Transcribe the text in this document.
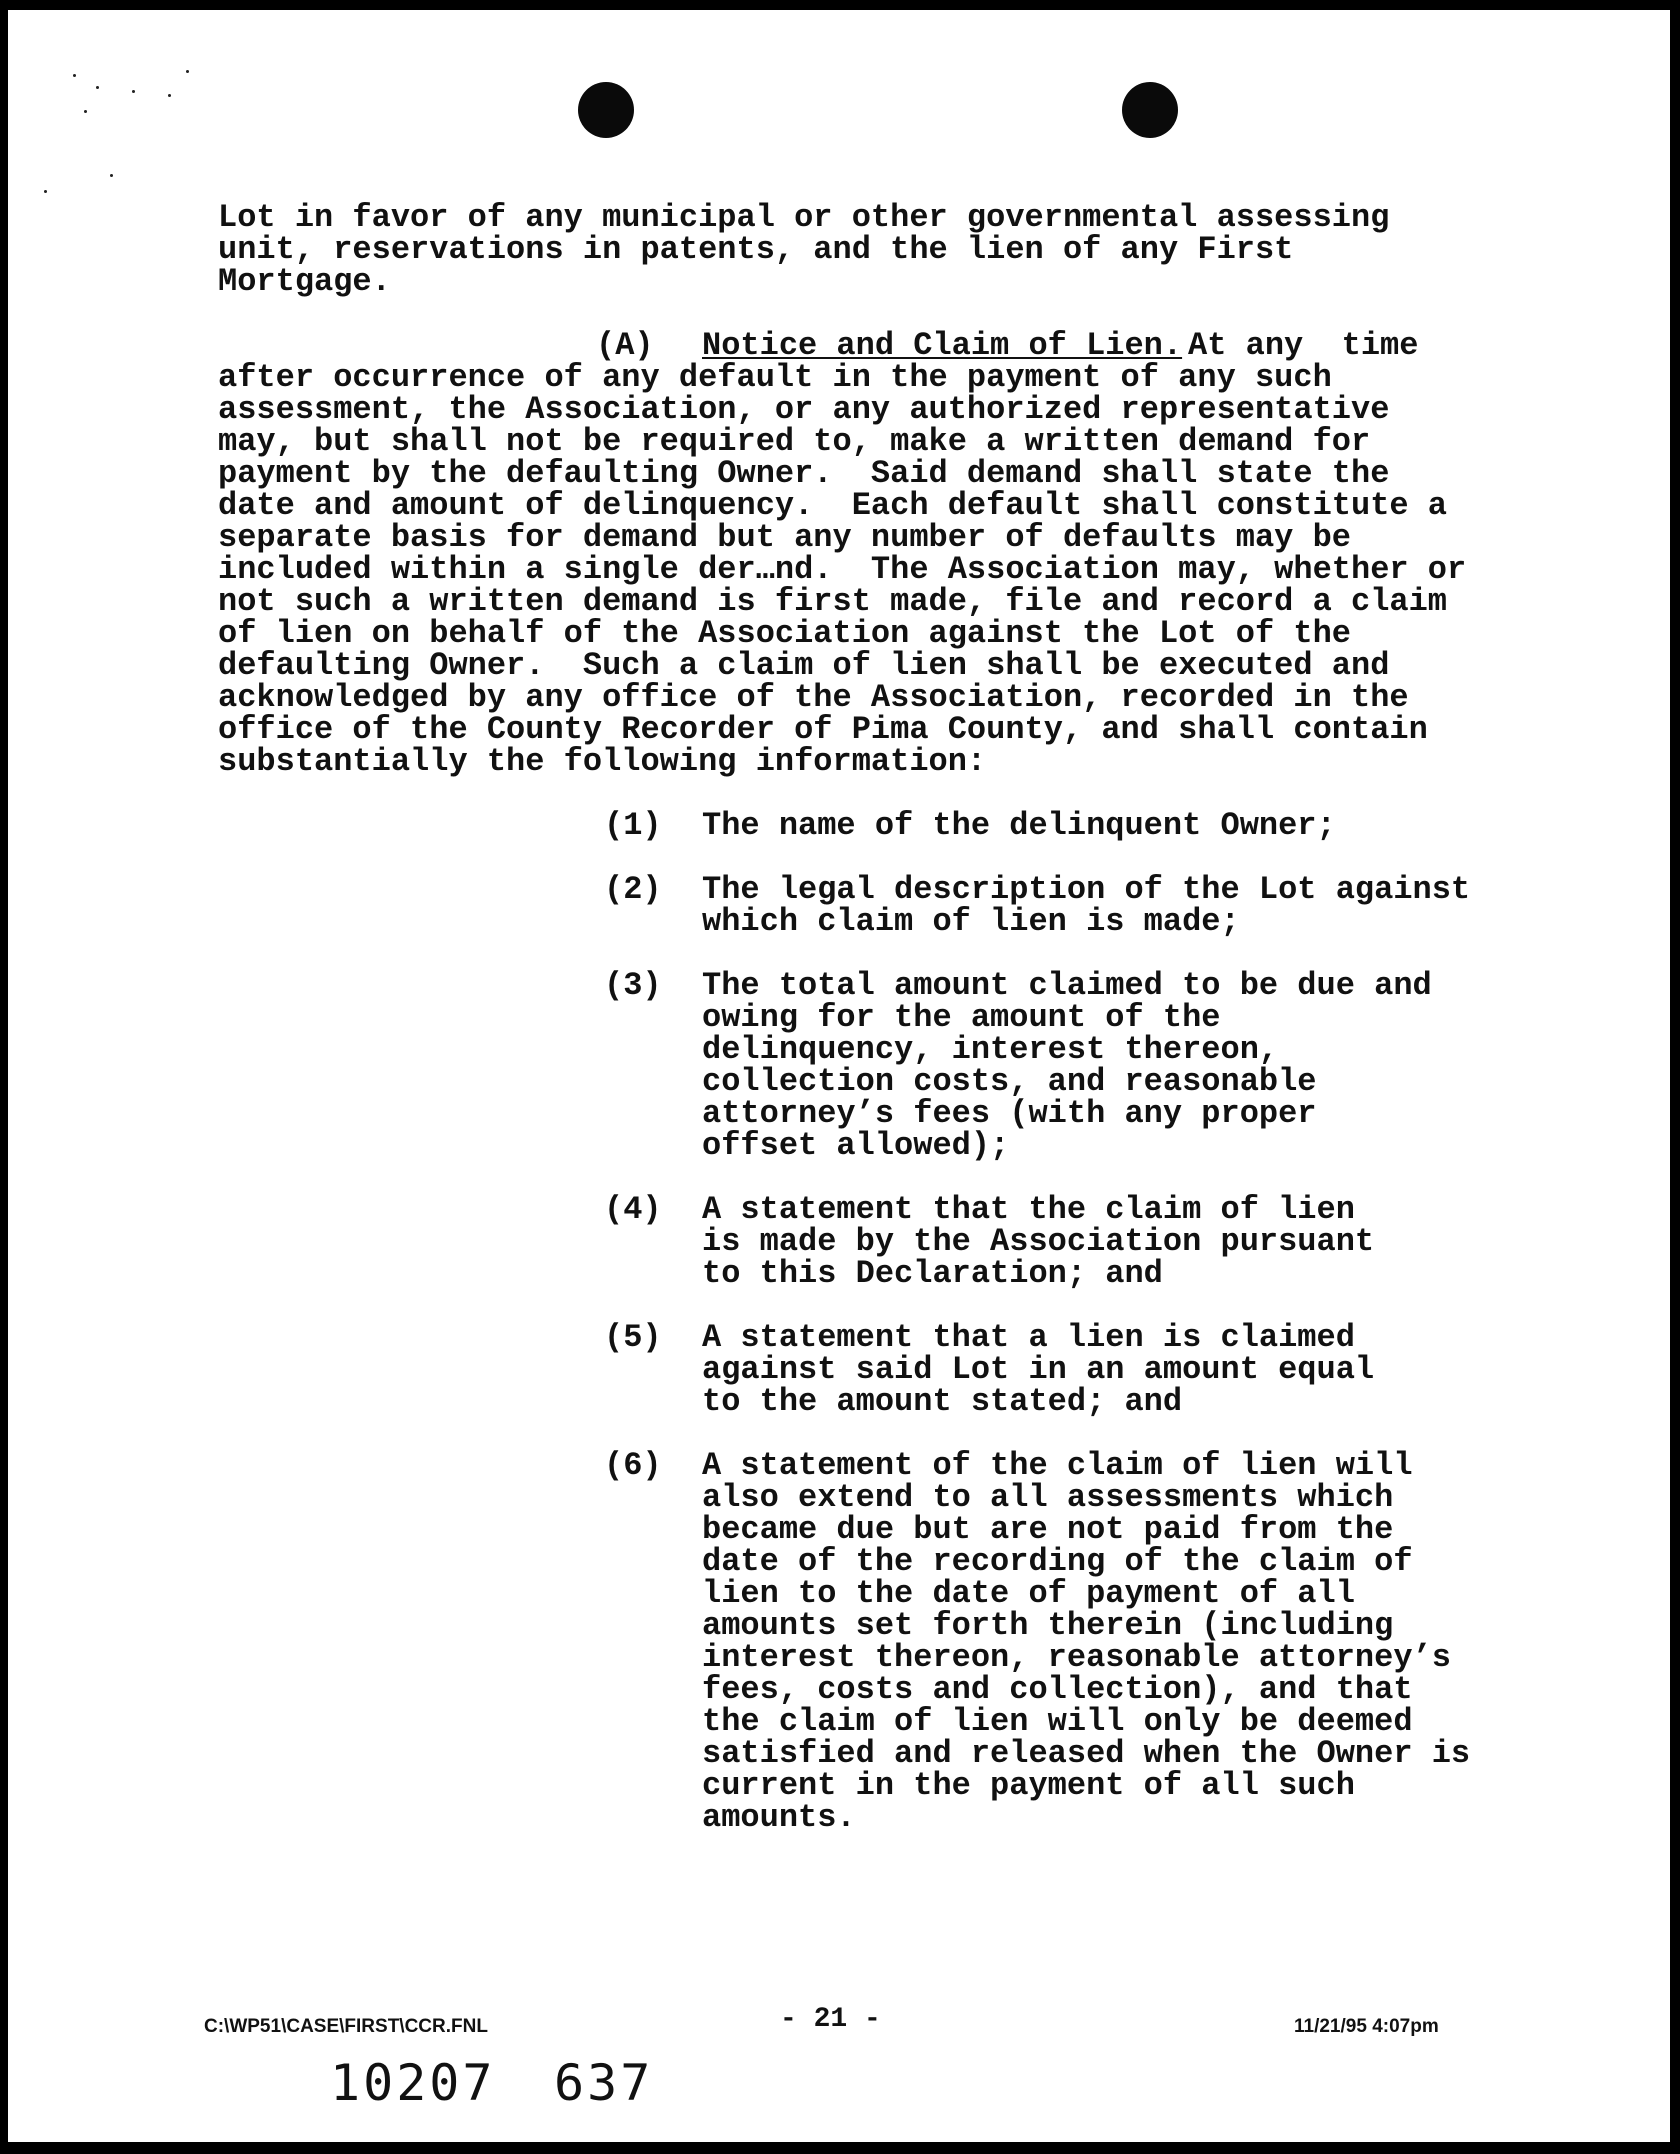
Lot in favor of any municipal or other governmental assessing
unit, reservations in patents, and the lien of any First
Mortgage.
(A) Notice and Claim of Lien. At any  time
after occurrence of any default in the payment of any such
assessment, the Association, or any authorized representative
may, but shall not be required to, make a written demand for
payment by the defaulting Owner.  Said demand shall state the
date and amount of delinquency.  Each default shall constitute a
separate basis for demand but any number of defaults may be
included within a single der…nd.  The Association may, whether or
not such a written demand is first made, file and record a claim
of lien on behalf of the Association against the Lot of the
defaulting Owner.  Such a claim of lien shall be executed and
acknowledged by any office of the Association, recorded in the
office of the County Recorder of Pima County, and shall contain
substantially the following information:
(1) The name of the delinquent Owner;
(2) The legal description of the Lot against
which claim of lien is made;
(3) The total amount claimed to be due and
owing for the amount of the
delinquency, interest thereon,
collection costs, and reasonable
attorney’s fees (with any proper
offset allowed);
(4) A statement that the claim of lien
is made by the Association pursuant
to this Declaration; and
(5) A statement that a lien is claimed
against said Lot in an amount equal
to the amount stated; and
(6) A statement of the claim of lien will
also extend to all assessments which
became due but are not paid from the
date of the recording of the claim of
lien to the date of payment of all
amounts set forth therein (including
interest thereon, reasonable attorney’s
fees, costs and collection), and that
the claim of lien will only be deemed
satisfied and released when the Owner is
current in the payment of all such
amounts.
C:\WP51\CASE\FIRST\CCR.FNL	- 21 -	11/21/95 4:07pm
10207 637
